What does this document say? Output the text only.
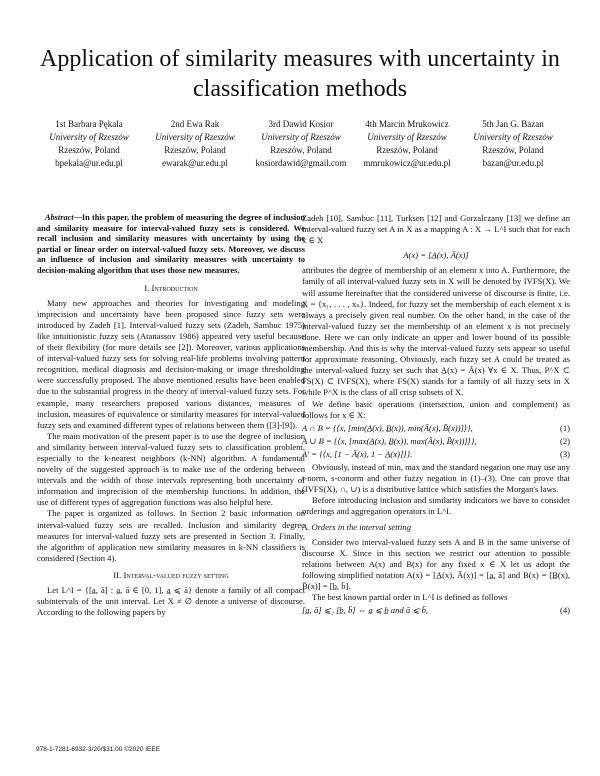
Application of similarity measures with uncertainty in classification methods
1st Barbara Pękala
University of Rzeszów
Rzeszów, Poland
bpekala@ur.edu.pl
2nd Ewa Rak
University of Rzeszów
Rzeszów, Poland
ewarak@ur.edu.pl
3rd Dawid Kosior
University of Rzeszów
Rzeszów, Poland
kosiordawid@gmail.com
4th Marcin Mrukowicz
University of Rzeszów
Rzeszów, Poland
mmrukowicz@ur.edu.pl
5th Jan G. Bazan
University of Rzeszów
Rzeszów, Poland
bazan@ur.edu.pl
Abstract—In this paper, the problem of measuring the degree of inclusion and similarity measure for interval-valued fuzzy sets is considered. We recall inclusion and similarity measures with uncertainty by using the partial or linear order on interval-valued fuzzy sets. Moreover, we discuss an influence of inclusion and similarity measures with uncertainty to decision-making algorithm that uses those new measures.
I. Introduction

Many new approaches and theories for investigating and modeling imprecision and uncertainty have been proposed since fuzzy sets were introduced by Zadeh [1]. Interval-valued fuzzy sets (Zadeh, Sambuc 1975) like intuitionistic fuzzy sets (Atanassov 1986) appeared very useful because of their flexibility (for more details see [2]). Moreover, various applications of interval-valued fuzzy sets for solving real-life problems involving pattern recognition, medical diagnosis and decision-making or image thresholding were successfully proposed. The above mentioned results have been enabled due to the substantial progress in the theory of interval-valued fuzzy sets. For example, many researchers proposed various distances, measures of inclusion, measures of equivalence or similarity measures for interval-valued fuzzy sets and examined different types of relations between them ([3]-[9]).

The main motivation of the present paper is to use the degree of inclusion and similarity between interval-valued fuzzy sets to classification problem, especially to the k-nearest neighbors (k-NN) algorithm. A fundamental novelty of the suggested approach is to make use of the ordering between intervals and the width of those intervals representing both uncertainty of information and imprecision of the membership functions. In addition, the use of different types of aggregation functions was also helpful here.

The paper is organized as follows. In Section 2 basic information on interval-valued fuzzy sets are recalled. Inclusion and similarity degree measures for interval-valued fuzzy sets are presented in Section 3. Finally, the algorithm of application new similarity measures in k-NN classifiers is considered (Section 4).

II. Interval-valued fuzzy setting

Let L^I = {[a̲, ā] : a̲, ā ∈ [0, 1], a̲ ⩽ ā} denote a family of all compact subintervals of the unit interval. Let X ≠ ∅ denote a universe of discourse. According to the following papers by

Zadeh [10], Sambuc [11], Turksen [12] and Gorzalczany [13] we define an interval-valued fuzzy set A in X as a mapping A : X → L^I such that for each x ∈ X

A(x) = [A̲(x), Ā(x)]

attributes the degree of membership of an element x into A. Furthermore, the family of all interval-valued fuzzy sets in X will be denoted by IVFS(X). We will assume hereinafter that the considered universe of discourse is finite, i.e. X = {x₁, . . . , xₙ}. Indeed, for fuzzy set the membership of each element x is always a precisely given real number. On the other hand, in the case of the interval-valued fuzzy set the membership of an element x is not precisely done. Here we can only indicate an upper and lower bound of its possible membership. And this is why the interval-valued fuzzy sets appear so useful for approximate reasoning. Obviously, each fuzzy set A could be treated as the interval-valued fuzzy set such that A̲(x) = Ā(x) ∀x ∈ X. Thus, P^X ⊂ FS(X) ⊂ IVFS(X), where FS(X) stands for a family of all fuzzy sets in X while P^X is the class of all crisp subsets of X.

We define basic operations (intersection, union and complement) as follows for x ∈ X:

A ∩ B = {⟨x, [min(A̲(x), B̲(x)), min(Ā(x), B̄(x))]⟩},	(1)
A ∪ B = {⟨x, [max(A̲(x), B̲(x)), max(Ā(x), B̄(x))]⟩},	(2)
A′ = {⟨x, [1 − Ā(x), 1 − A̲(x)]⟩}.	(3)

Obviously, instead of min, max and the standard negation one may use any t-norm, s-conorm and other fuzzy negation in (1)–(3). One can prove that (IVFS(X), ∩, ∪) is a distributive lattice which satisfies the Morgan's laws.

Before introducing inclusion and similarity indicators we have to consider orderings and aggregation operators in L^I.

A. Orders in the interval setting

Consider two interval-valued fuzzy sets A and B in the same universe of discourse X. Since in this section we restrict our attention to possible relations between A(x) and B(x) for any fixed x ∈ X let us adopt the following simplified notation A(x) = [A̲(x), Ā(x)] = [a̲, ā] and B(x) = [B̲(x), B̄(x)] = [b̲, b̄].

The best known partial order in L^I is defined as follows

[a̲, ā] ⩽₂ [b̲, b̄] ⇔ a̲ ⩽ b̲ and ā ⩽ b̄,	(4)
978-1-7281-6932-3/20/$31.00 ©2020 IEEE
